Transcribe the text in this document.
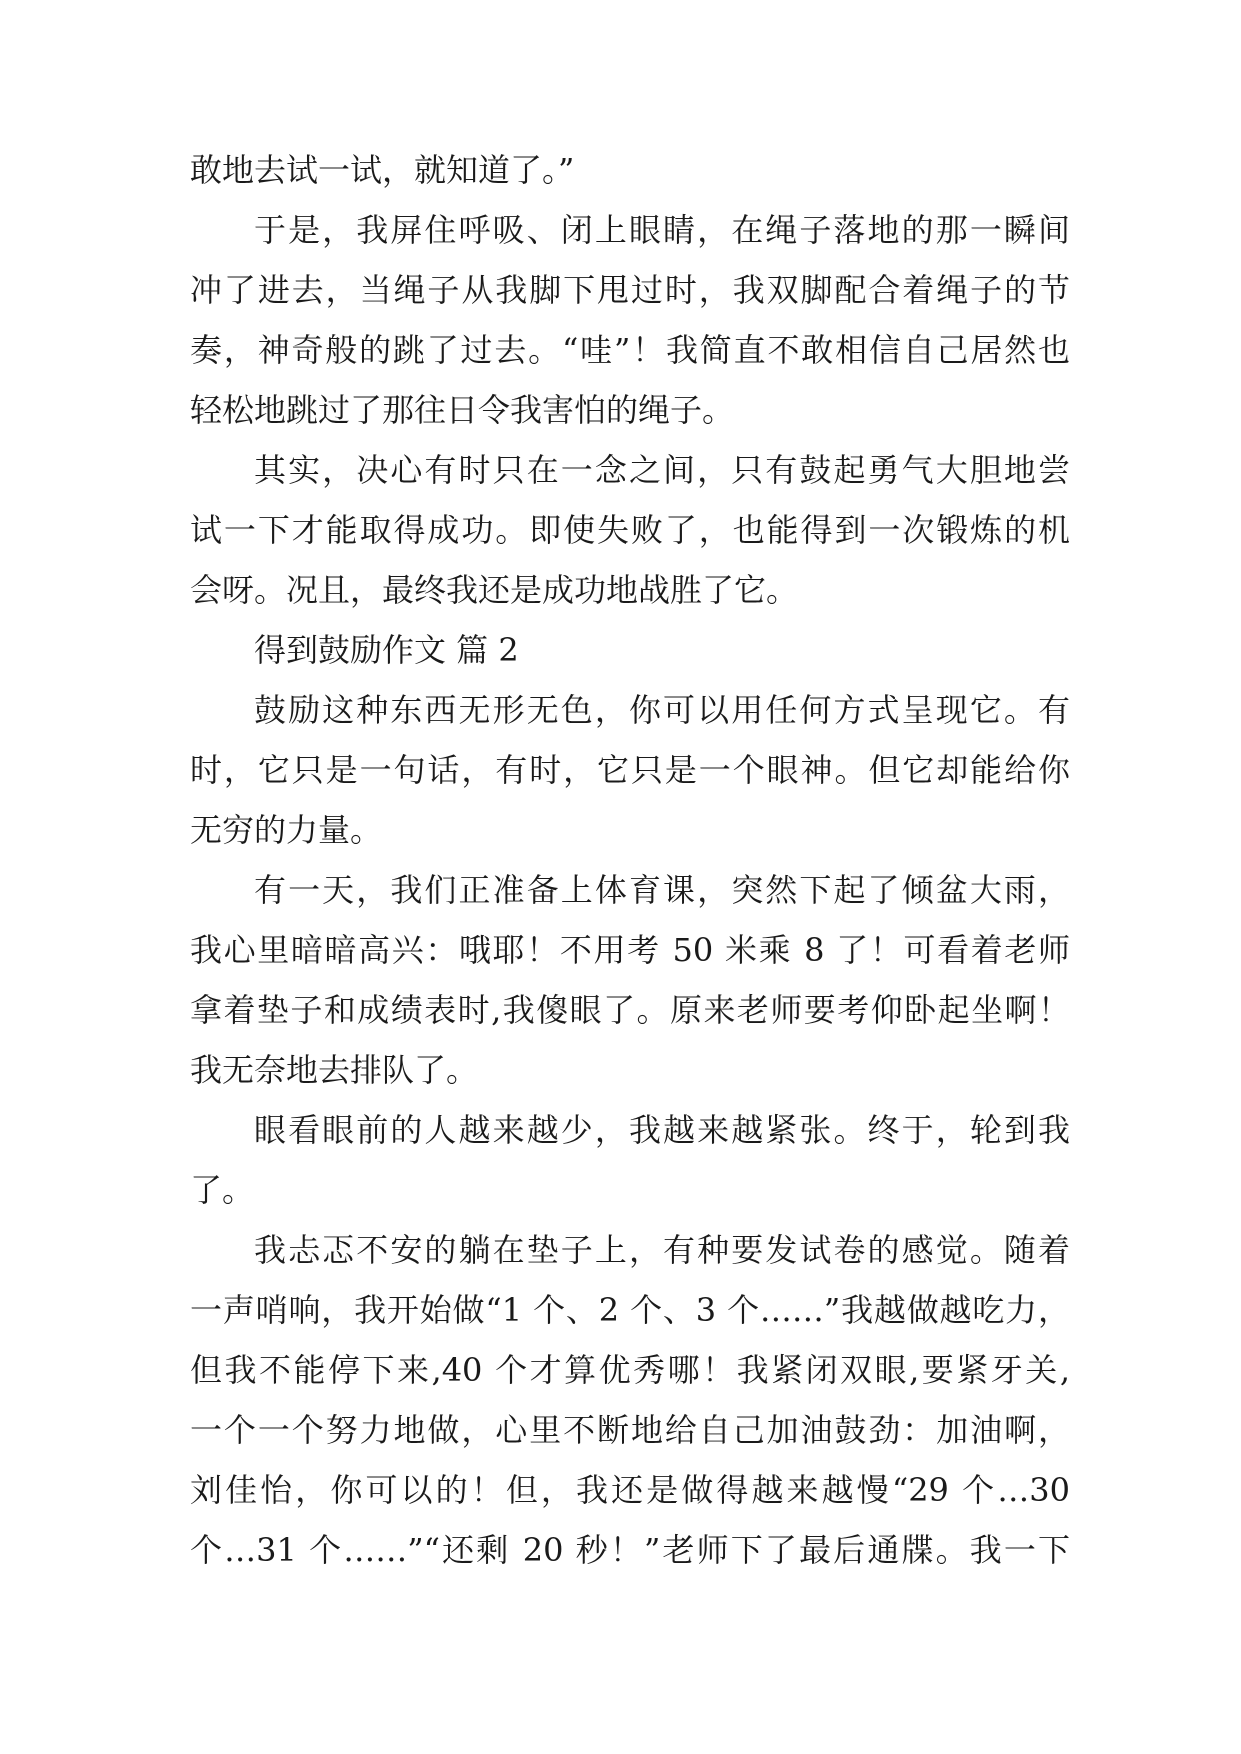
敢地去试一试，就知道了。”
于是，我屏住呼吸、闭上眼睛，在绳子落地的那一瞬间
冲了进去，当绳子从我脚下甩过时，我双脚配合着绳子的节
奏，神奇般的跳了过去。“哇”！我简直不敢相信自己居然也
轻松地跳过了那往日令我害怕的绳子。
其实，决心有时只在一念之间，只有鼓起勇气大胆地尝
试一下才能取得成功。即使失败了，也能得到一次锻炼的机
会呀。况且，最终我还是成功地战胜了它。
得到鼓励作文 篇 2
鼓励这种东西无形无色，你可以用任何方式呈现它。有
时，它只是一句话，有时，它只是一个眼神。但它却能给你
无穷的力量。
有一天，我们正准备上体育课，突然下起了倾盆大雨，
我心里暗暗高兴：哦耶！不用考 50 米乘 8 了！可看着老师
拿着垫子和成绩表时,我傻眼了。原来老师要考仰卧起坐啊！
我无奈地去排队了。
眼看眼前的人越来越少，我越来越紧张。终于，轮到我
了。
我忐忑不安的躺在垫子上，有种要发试卷的感觉。随着
一声哨响，我开始做“1 个、2 个、3 个……”我越做越吃力，
但我不能停下来,40 个才算优秀哪！我紧闭双眼,要紧牙关,
一个一个努力地做，心里不断地给自己加油鼓劲：加油啊，
刘佳怡，你可以的！但，我还是做得越来越慢“29 个…30
个…31 个……”“还剩 20 秒！”老师下了最后通牒。我一下
